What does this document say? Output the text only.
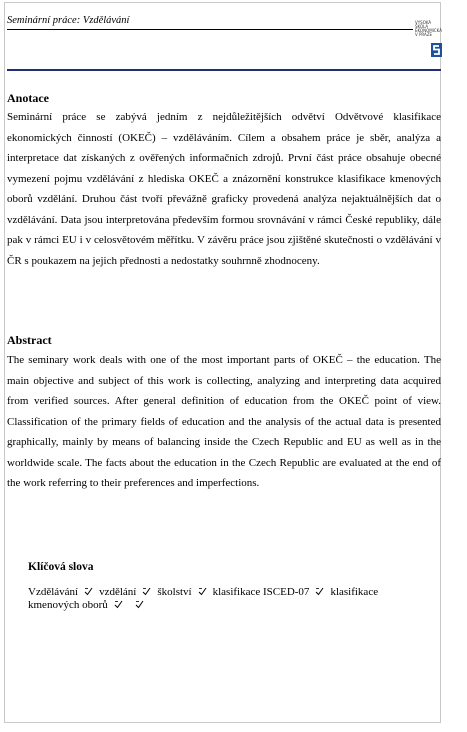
Seminární práce: Vzdělávání	VYSOKÁ ŠKOLA EKONOMICKÁ V PRAZE
Anotace
Seminární práce se zabývá jedním z nejdůležitějších odvětví Odvětvové klasifikace ekonomických činností (OKEČ) – vzděláváním. Cílem a obsahem práce je sběr, analýza a interpretace dat získaných z ověřených informačních zdrojů. První část práce obsahuje obecné vymezení pojmu vzdělávání z hlediska OKEČ a znázornění konstrukce klasifikace kmenových oborů vzdělání. Druhou část tvoří převážně graficky provedená analýza nejaktuálnějších dat o vzdělávání. Data jsou interpretována především formou srovnávání v rámci České republiky, dále pak v rámci EU i v celosvětovém měřítku. V závěru práce jsou zjištěné skutečnosti o vzdělávání v ČR s poukazem na jejich přednosti a nedostatky souhrnně zhodnoceny.
Abstract
The seminary work deals with one of the most important parts of OKEČ – the education. The main objective and subject of this work is collecting, analyzing and interpreting data acquired from verified sources. After general definition of education from the OKEČ point of view. Classification of the primary fields of education and the analysis of the actual data is presented graphically, mainly by means of balancing inside the Czech Republic and EU as well as in the worldwide scale. The facts about the education in the Czech Republic are evaluated at the end of the work referring to their preferences and imperfections.
Klíčová slova
Vzdělávání vzdělání školství klasifikace ISCED-07 klasifikace kmenových oborů
